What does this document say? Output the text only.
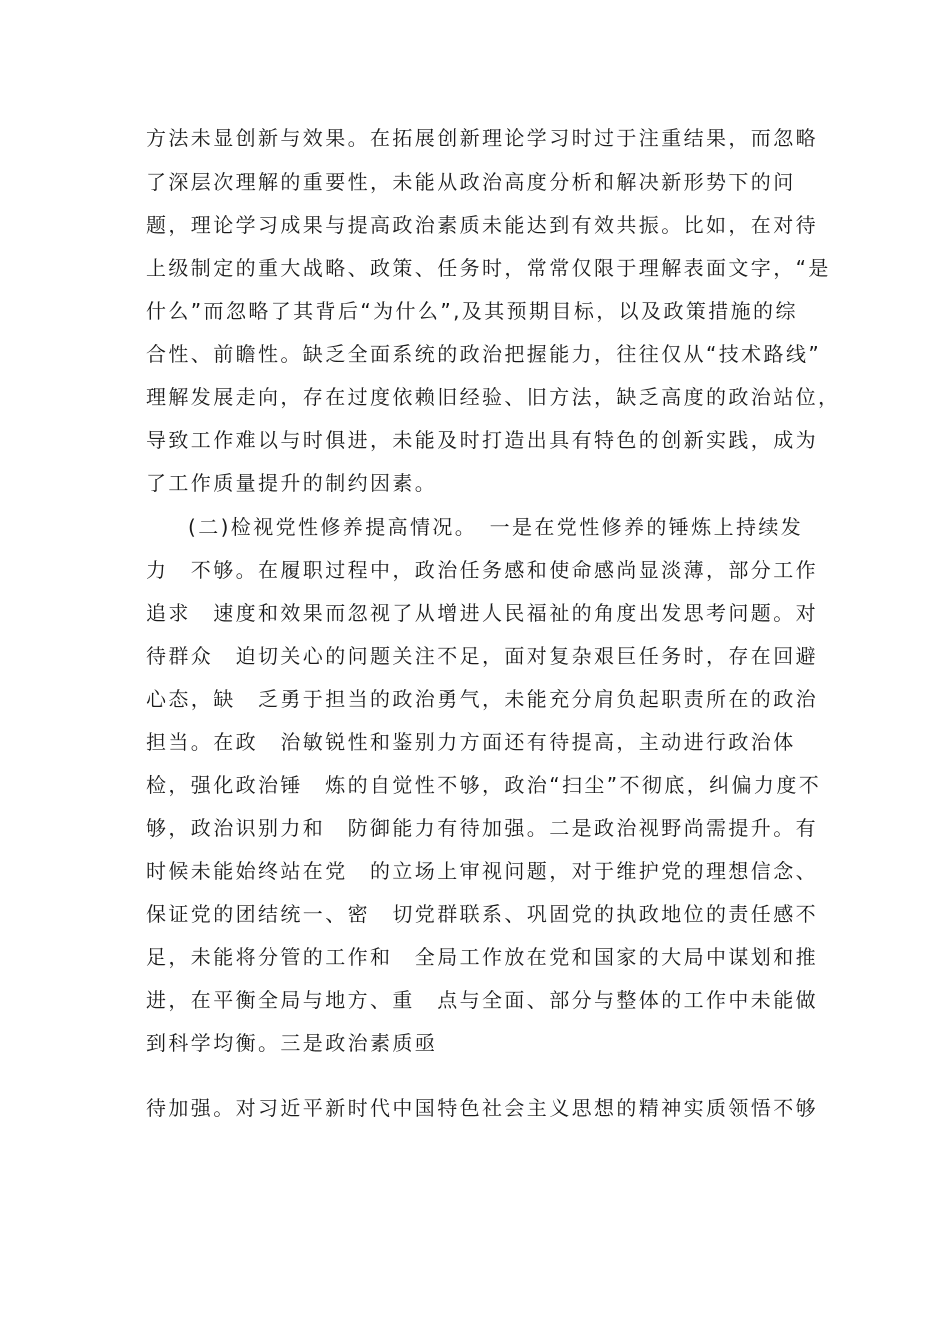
方法未显创新与效果。在拓展创新理论学习时过于注重结果，而忽略
了深层次理解的重要性，未能从政治高度分析和解决新形势下的问
题，理论学习成果与提高政治素质未能达到有效共振。比如，在对待
上级制定的重大战略、政策、任务时，常常仅限于理解表面文字，“是
什么”而忽略了其背后“为什么”,及其预期目标，以及政策措施的综
合性、前瞻性。缺乏全面系统的政治把握能力，往往仅从“技术路线”
理解发展走向，存在过度依赖旧经验、旧方法，缺乏高度的政治站位，
导致工作难以与时俱进，未能及时打造出具有特色的创新实践，成为
了工作质量提升的制约因素。
(二)检视党性修养提高情况。　一是在党性修养的锤炼上持续发
力　不够。在履职过程中，政治任务感和使命感尚显淡薄，部分工作
追求　速度和效果而忽视了从增进人民福祉的角度出发思考问题。对
待群众　迫切关心的问题关注不足，面对复杂艰巨任务时，存在回避
心态，缺　乏勇于担当的政治勇气，未能充分肩负起职责所在的政治
担当。在政　治敏锐性和鉴别力方面还有待提高，主动进行政治体
检，强化政治锤　炼的自觉性不够，政治“扫尘”不彻底，纠偏力度不
够，政治识别力和　防御能力有待加强。二是政治视野尚需提升。有
时候未能始终站在党　的立场上审视问题，对于维护党的理想信念、
保证党的团结统一、密　切党群联系、巩固党的执政地位的责任感不
足，未能将分管的工作和　全局工作放在党和国家的大局中谋划和推
进，在平衡全局与地方、重　点与全面、部分与整体的工作中未能做
到科学均衡。三是政治素质亟
待加强。对习近平新时代中国特色社会主义思想的精神实质领悟不够
